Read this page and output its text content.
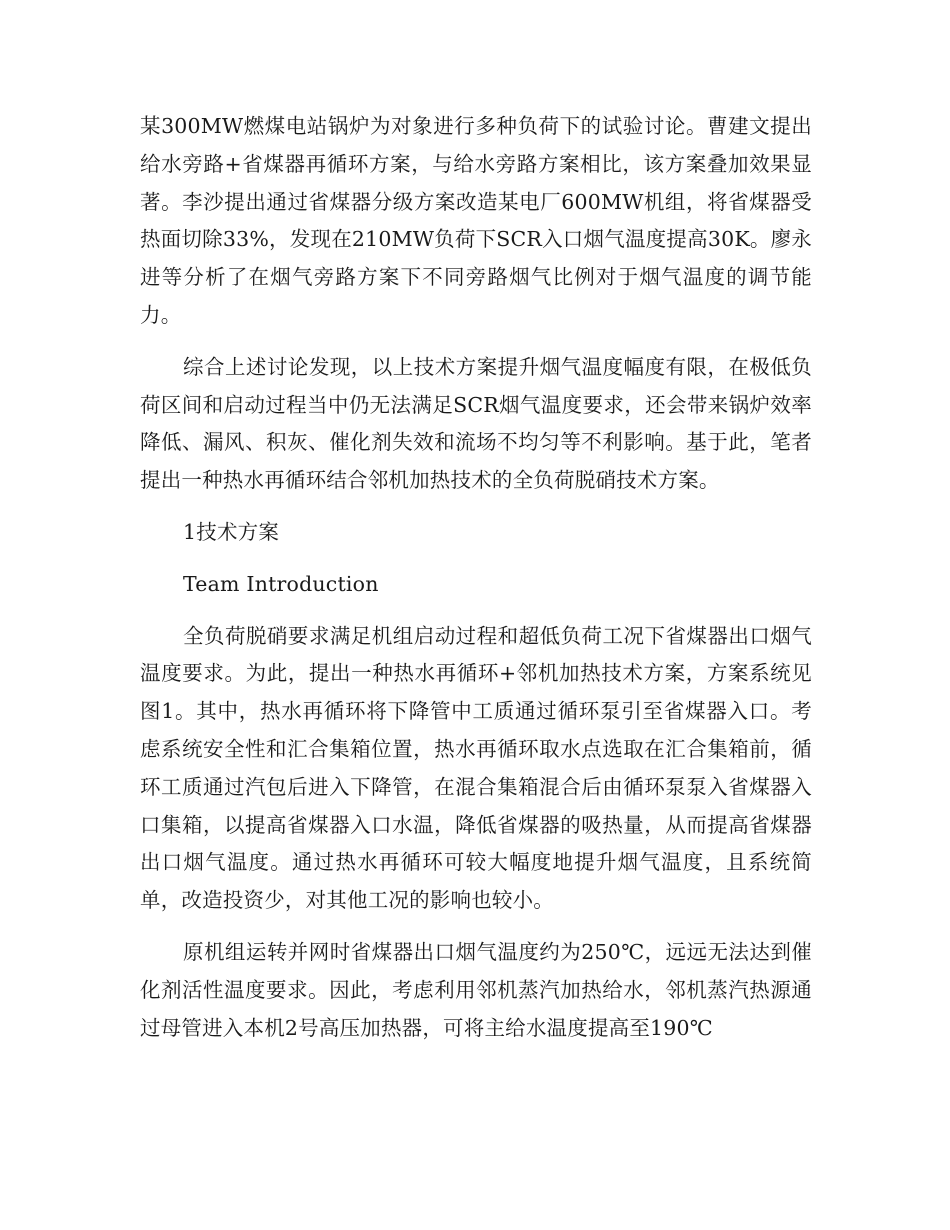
某300MW燃煤电站锅炉为对象进行多种负荷下的试验讨论。曹建文提出给水旁路+省煤器再循环方案，与给水旁路方案相比，该方案叠加效果显著。李沙提出通过省煤器分级方案改造某电厂600MW机组，将省煤器受热面切除33%，发现在210MW负荷下SCR入口烟气温度提高30K。廖永进等分析了在烟气旁路方案下不同旁路烟气比例对于烟气温度的调节能力。

综合上述讨论发现，以上技术方案提升烟气温度幅度有限，在极低负荷区间和启动过程当中仍无法满足SCR烟气温度要求，还会带来锅炉效率降低、漏风、积灰、催化剂失效和流场不均匀等不利影响。基于此，笔者提出一种热水再循环结合邻机加热技术的全负荷脱硝技术方案。

1技术方案

Team Introduction

全负荷脱硝要求满足机组启动过程和超低负荷工况下省煤器出口烟气温度要求。为此，提出一种热水再循环+邻机加热技术方案，方案系统见图1。其中，热水再循环将下降管中工质通过循环泵引至省煤器入口。考虑系统安全性和汇合集箱位置，热水再循环取水点选取在汇合集箱前，循环工质通过汽包后进入下降管，在混合集箱混合后由循环泵泵入省煤器入口集箱，以提高省煤器入口水温，降低省煤器的吸热量，从而提高省煤器出口烟气温度。通过热水再循环可较大幅度地提升烟气温度，且系统简单，改造投资少，对其他工况的影响也较小。

原机组运转并网时省煤器出口烟气温度约为250℃，远远无法达到催化剂活性温度要求。因此，考虑利用邻机蒸汽加热给水，邻机蒸汽热源通过母管进入本机2号高压加热器，可将主给水温度提高至190℃
